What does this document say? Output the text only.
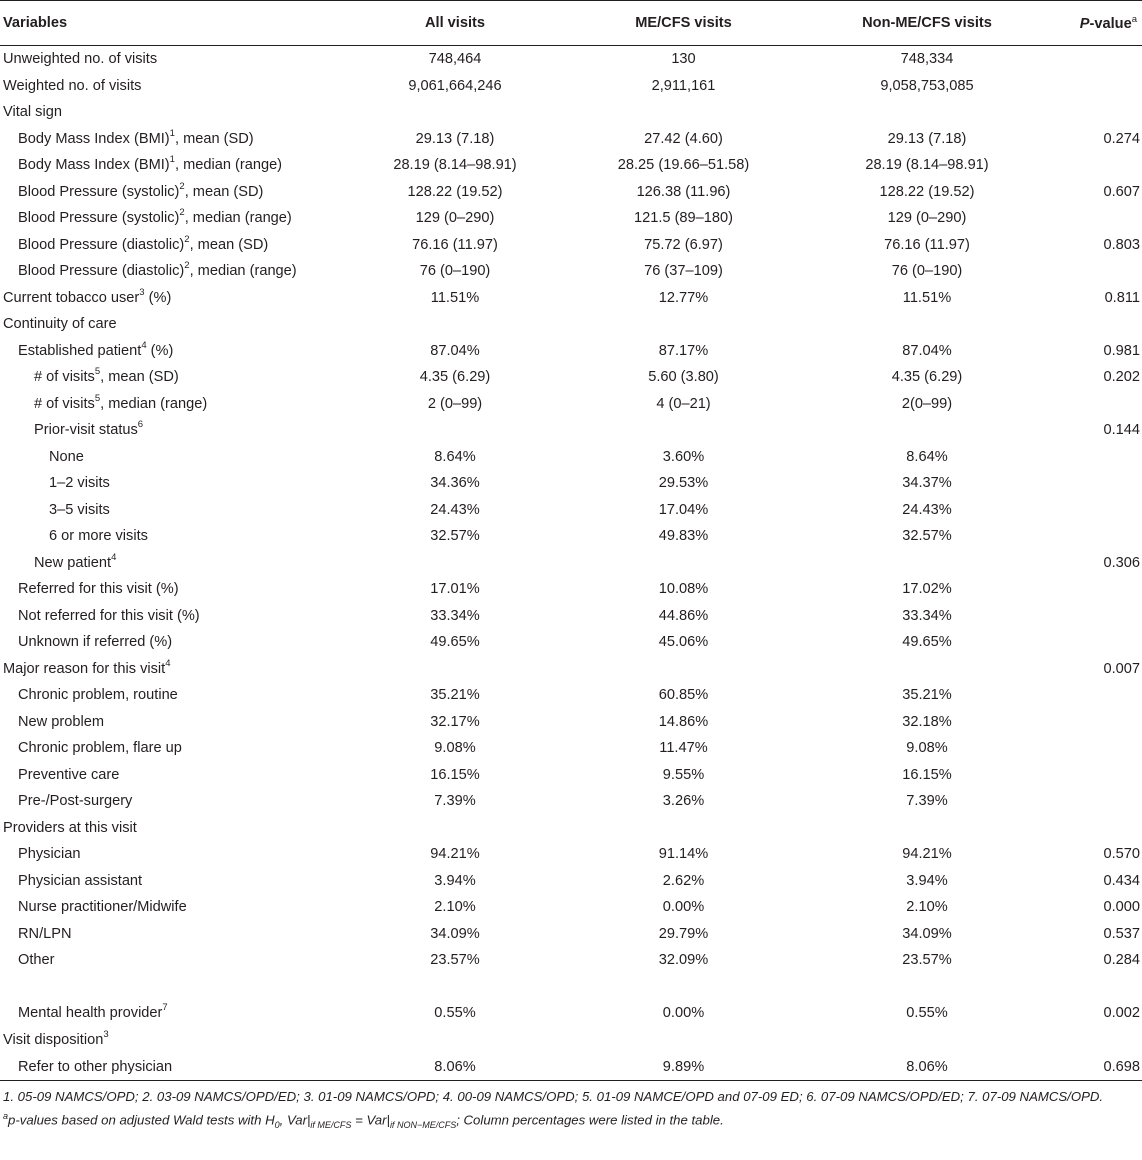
Variables	All visits	ME/CFS visits	Non-ME/CFS visits	P-value$^a$
Unweighted no. of visits	748,464	130	748,334	
Weighted no. of visits	9,061,664,246	2,911,161	9,058,753,085	
Vital sign				
Body Mass Index (BMI)$^1$, mean (SD)	29.13 (7.18)	27.42 (4.60)	29.13 (7.18)	0.274
Body Mass Index (BMI)$^1$, median (range)	28.19 (8.14–98.91)	28.25 (19.66–51.58)	28.19 (8.14–98.91)	
Blood Pressure (systolic)$^2$, mean (SD)	128.22 (19.52)	126.38 (11.96)	128.22 (19.52)	0.607
Blood Pressure (systolic)$^2$, median (range)	129 (0–290)	121.5 (89–180)	129 (0–290)	
Blood Pressure (diastolic)$^2$, mean (SD)	76.16 (11.97)	75.72 (6.97)	76.16 (11.97)	0.803
Blood Pressure (diastolic)$^2$, median (range)	76 (0–190)	76 (37–109)	76 (0–190)	
Current tobacco user$^3$ (%)	11.51%	12.77%	11.51%	0.811
Continuity of care				
Established patient$^4$ (%)	87.04%	87.17%	87.04%	0.981
# of visits$^5$, mean (SD)	4.35 (6.29)	5.60 (3.80)	4.35 (6.29)	0.202
# of visits$^5$, median (range)	2 (0–99)	4 (0–21)	2(0–99)	
Prior-visit status$^6$				0.144
None	8.64%	3.60%	8.64%	
1–2 visits	34.36%	29.53%	34.37%	
3–5 visits	24.43%	17.04%	24.43%	
6 or more visits	32.57%	49.83%	32.57%	
New patient$^4$				0.306
Referred for this visit (%)	17.01%	10.08%	17.02%	
Not referred for this visit (%)	33.34%	44.86%	33.34%	
Unknown if referred (%)	49.65%	45.06%	49.65%	
Major reason for this visit$^4$				0.007
Chronic problem, routine	35.21%	60.85%	35.21%	
New problem	32.17%	14.86%	32.18%	
Chronic problem, flare up	9.08%	11.47%	9.08%	
Preventive care	16.15%	9.55%	16.15%	
Pre-/Post-surgery	7.39%	3.26%	7.39%	
Providers at this visit				
Physician	94.21%	91.14%	94.21%	0.570
Physician assistant	3.94%	2.62%	3.94%	0.434
Nurse practitioner/Midwife	2.10%	0.00%	2.10%	0.000
RN/LPN	34.09%	29.79%	34.09%	0.537
Other	23.57%	32.09%	23.57%	0.284

Mental health provider$^7$	0.55%	0.00%	0.55%	0.002
Visit disposition$^3$				
Refer to other physician	8.06%	9.89%	8.06%	0.698

1. 05-09 NAMCS/OPD; 2. 03-09 NAMCS/OPD/ED; 3. 01-09 NAMCS/OPD; 4. 00-09 NAMCS/OPD; 5. 01-09 NAMCE/OPD and 07-09 ED; 6. 07-09 NAMCS/OPD/ED; 7. 07-09 NAMCS/OPD.

$^a$p-values based on adjusted Wald tests with $H_0$, $Var|_{if ME/CFS} = Var|_{if NON-ME/CFS}$; Column percentages were listed in the table.
